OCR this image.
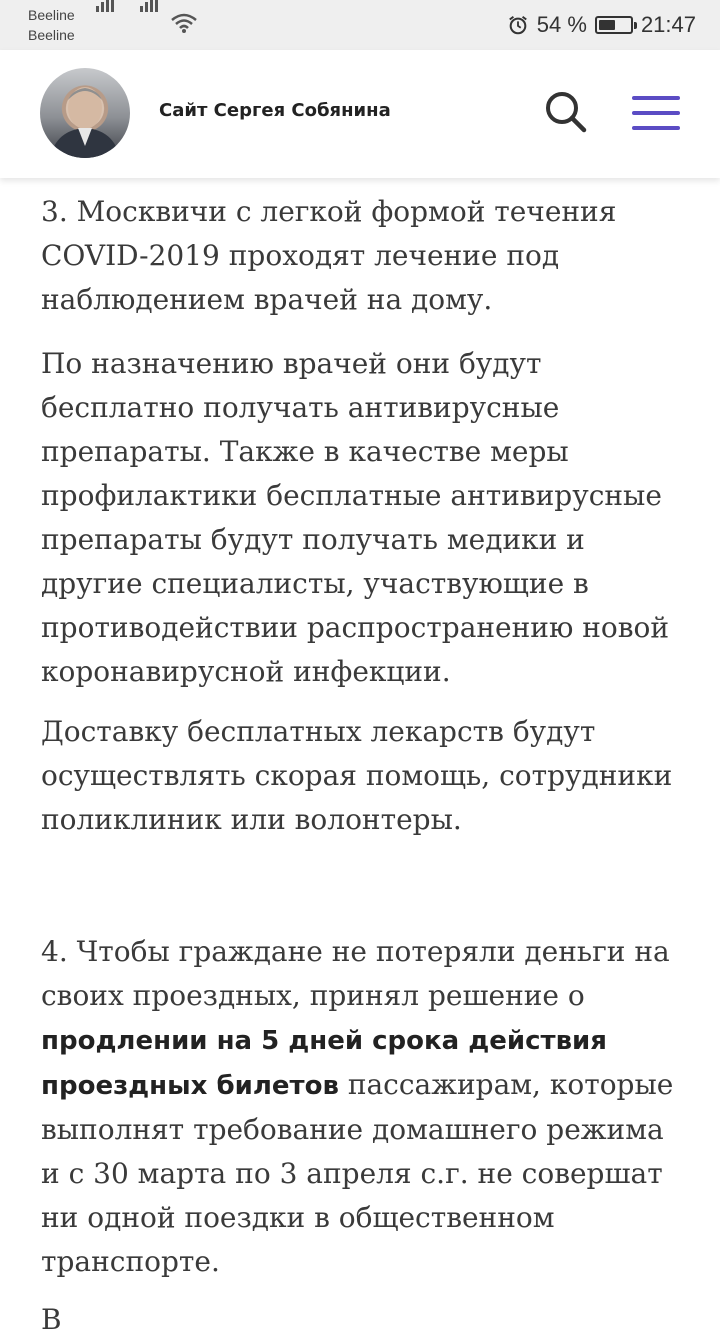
Beeline
Beeline	54 % 21:47
Сайт Сергея Собянина

3. Москвичи с легкой формой течения COVID-2019 проходят лечение под наблюдением врачей на дому.

По назначению врачей они будут бесплатно получать антивирусные препараты. Также в качестве меры профилактики бесплатные антивирусные препараты будут получать медики и другие специалисты, участвующие в противодействии распространению новой коронавирусной инфекции.

Доставку бесплатных лекарств будут осуществлять скорая помощь, сотрудники поликлиник или волонтеры.

4. Чтобы граждане не потеряли деньги на своих проездных, принял решение о продлении на 5 дней срока действия проездных билетов пассажирам, которые выполнят требование домашнего режима и с 30 марта по 3 апреля с.г. не совершат ни одной поездки в общественном транспорте.

В
